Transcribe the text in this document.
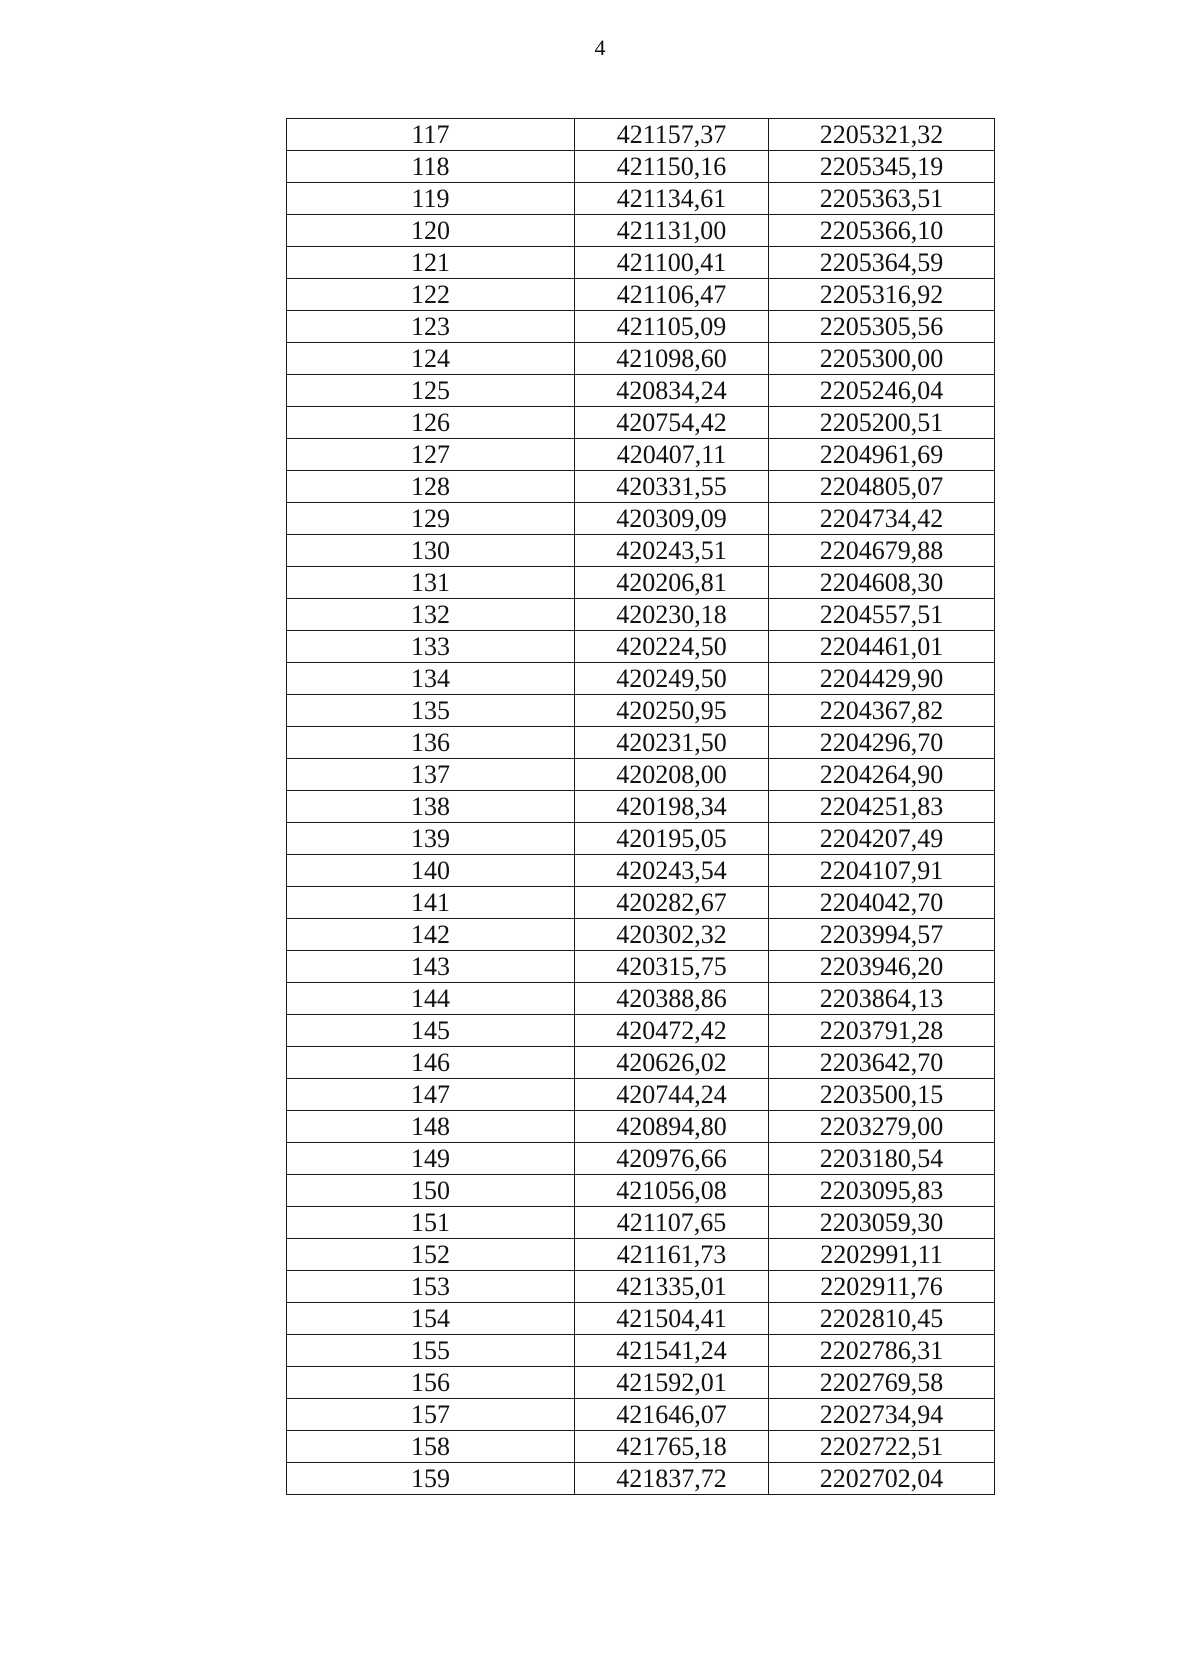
4
117	421157,37	2205321,32
118	421150,16	2205345,19
119	421134,61	2205363,51
120	421131,00	2205366,10
121	421100,41	2205364,59
122	421106,47	2205316,92
123	421105,09	2205305,56
124	421098,60	2205300,00
125	420834,24	2205246,04
126	420754,42	2205200,51
127	420407,11	2204961,69
128	420331,55	2204805,07
129	420309,09	2204734,42
130	420243,51	2204679,88
131	420206,81	2204608,30
132	420230,18	2204557,51
133	420224,50	2204461,01
134	420249,50	2204429,90
135	420250,95	2204367,82
136	420231,50	2204296,70
137	420208,00	2204264,90
138	420198,34	2204251,83
139	420195,05	2204207,49
140	420243,54	2204107,91
141	420282,67	2204042,70
142	420302,32	2203994,57
143	420315,75	2203946,20
144	420388,86	2203864,13
145	420472,42	2203791,28
146	420626,02	2203642,70
147	420744,24	2203500,15
148	420894,80	2203279,00
149	420976,66	2203180,54
150	421056,08	2203095,83
151	421107,65	2203059,30
152	421161,73	2202991,11
153	421335,01	2202911,76
154	421504,41	2202810,45
155	421541,24	2202786,31
156	421592,01	2202769,58
157	421646,07	2202734,94
158	421765,18	2202722,51
159	421837,72	2202702,04
